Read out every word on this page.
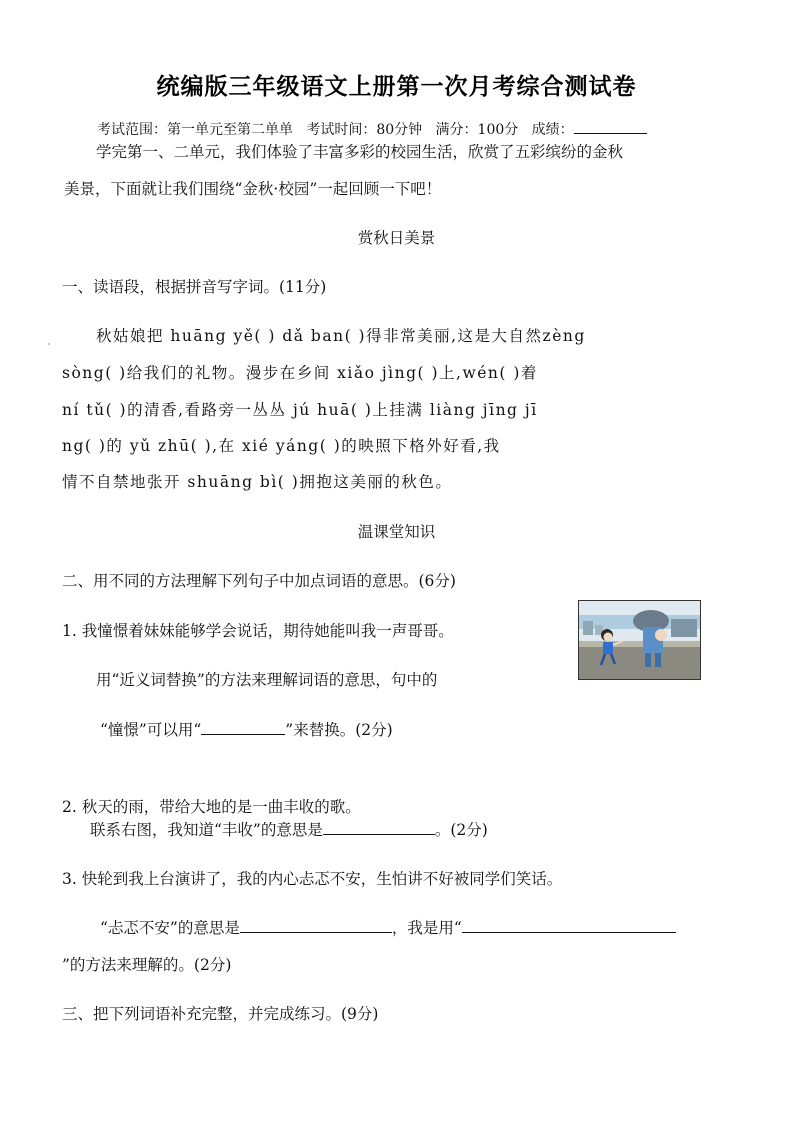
统编版三年级语文上册第一次月考综合测试卷
考试范围：第一单元至第二单单 考试时间：80分钟 满分：100分 成绩：
学完第一、二单元，我们体验了丰富多彩的校园生活，欣赏了五彩缤纷的金秋
美景，下面就让我们围绕“金秋·校园”一起回顾一下吧！
赏秋日美景
一、读语段，根据拼音写字词。(11分)
秋姑娘把 huāng yě( ) dǎ ban( )得非常美丽,这是大自然zèng
sòng( )给我们的礼物。漫步在乡间 xiǎo jìng( )上,wén( )着
ní tǔ( )的清香,看路旁一丛丛 jú huā( )上挂满 liàng jīng jī
ng( )的 yǔ zhū( ),在 xié yáng( )的映照下格外好看,我
情不自禁地张开 shuāng bì( )拥抱这美丽的秋色。
温课堂知识
二、用不同的方法理解下列句子中加点词语的意思。(6分)
1. 我憧憬着妹妹能够学会说话，期待她能叫我一声哥哥。
用“近义词替换”的方法来理解词语的意思，句中的
“憧憬”可以用“	”来替换。(2分)
2. 秋天的雨，带给大地的是一曲丰收的歌。
联系右图，我知道“丰收”的意思是	。(2分)
3. 快轮到我上台演讲了，我的内心忐忑不安，生怕讲不好被同学们笑话。
“忐忑不安”的意思是	，我是用“
”的方法来理解的。(2分)
三、把下列词语补充完整，并完成练习。(9分)
